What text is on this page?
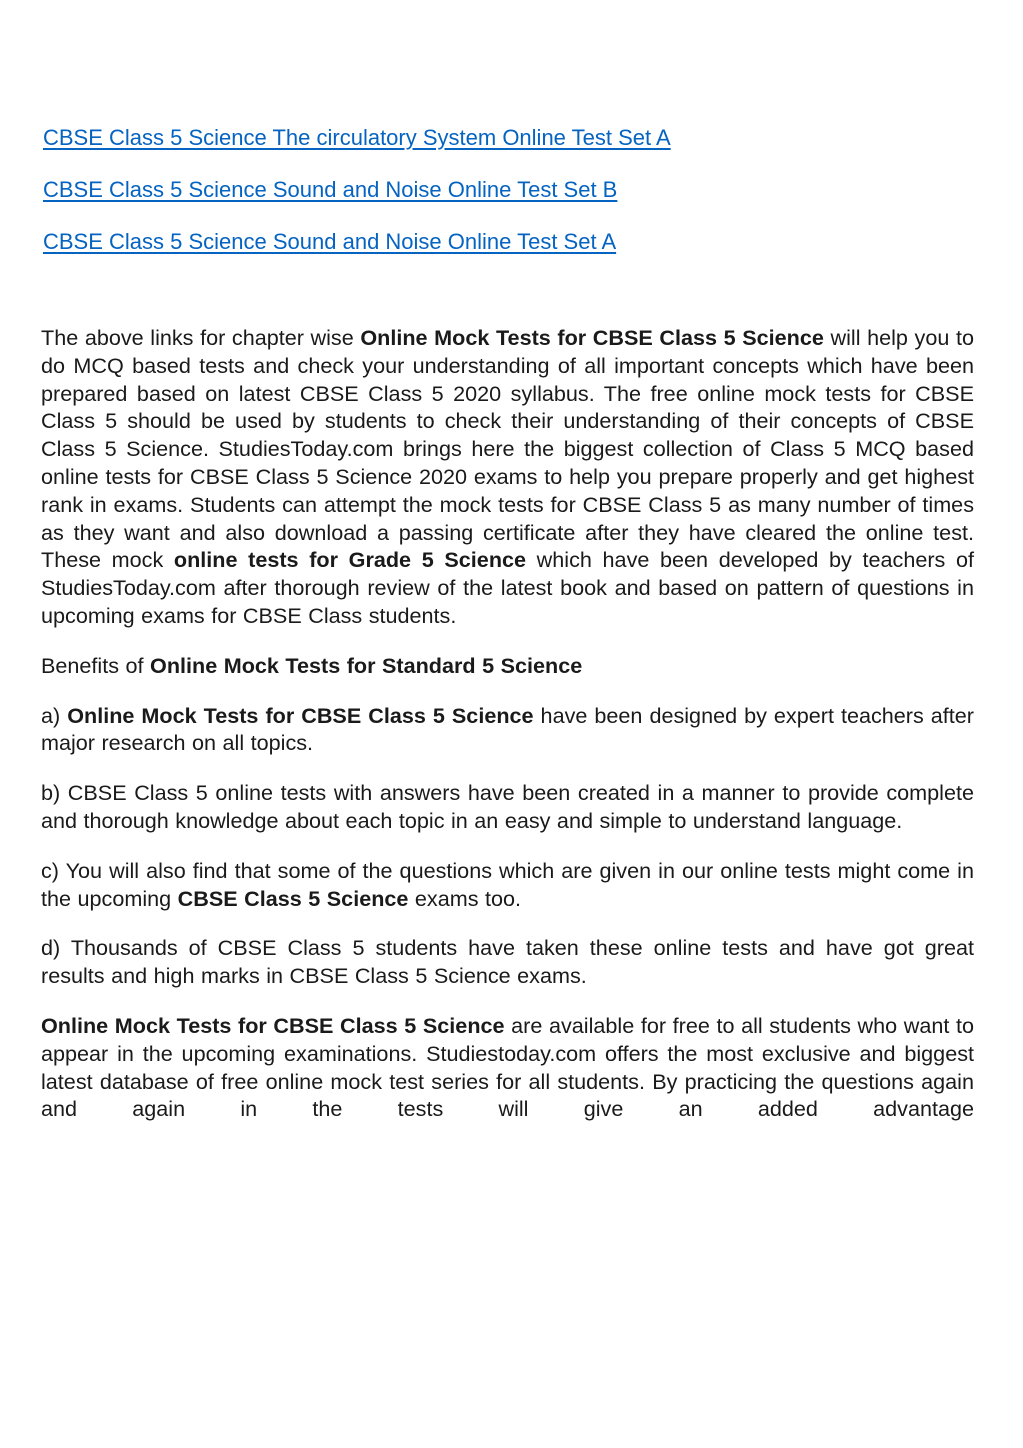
CBSE Class 5 Science The circulatory System Online Test Set A
CBSE Class 5 Science Sound and Noise Online Test Set B
CBSE Class 5 Science Sound and Noise Online Test Set A

The above links for chapter wise Online Mock Tests for CBSE Class 5 Science will help you to do MCQ based tests and check your understanding of all important concepts which have been prepared based on latest CBSE Class 5 2020 syllabus. The free online mock tests for CBSE Class 5 should be used by students to check their understanding of their concepts of CBSE Class 5 Science. StudiesToday.com brings here the biggest collection of Class 5 MCQ based online tests for CBSE Class 5 Science 2020 exams to help you prepare properly and get highest rank in exams. Students can attempt the mock tests for CBSE Class 5 as many number of times as they want and also download a passing certificate after they have cleared the online test. These mock online tests for Grade 5 Science which have been developed by teachers of StudiesToday.com after thorough review of the latest book and based on pattern of questions in upcoming exams for CBSE Class students.

Benefits of Online Mock Tests for Standard 5 Science

a) Online Mock Tests for CBSE Class 5 Science have been designed by expert teachers after major research on all topics.

b) CBSE Class 5 online tests with answers have been created in a manner to provide complete and thorough knowledge about each topic in an easy and simple to understand language.

c) You will also find that some of the questions which are given in our online tests might come in the upcoming CBSE Class 5 Science exams too.

d) Thousands of CBSE Class 5 students have taken these online tests and have got great results and high marks in CBSE Class 5 Science exams.

Online Mock Tests for CBSE Class 5 Science are available for free to all students who want to appear in the upcoming examinations. Studiestoday.com offers the most exclusive and biggest latest database of free online mock test series for all students. By practicing the questions again and again in the tests will give an added advantage
